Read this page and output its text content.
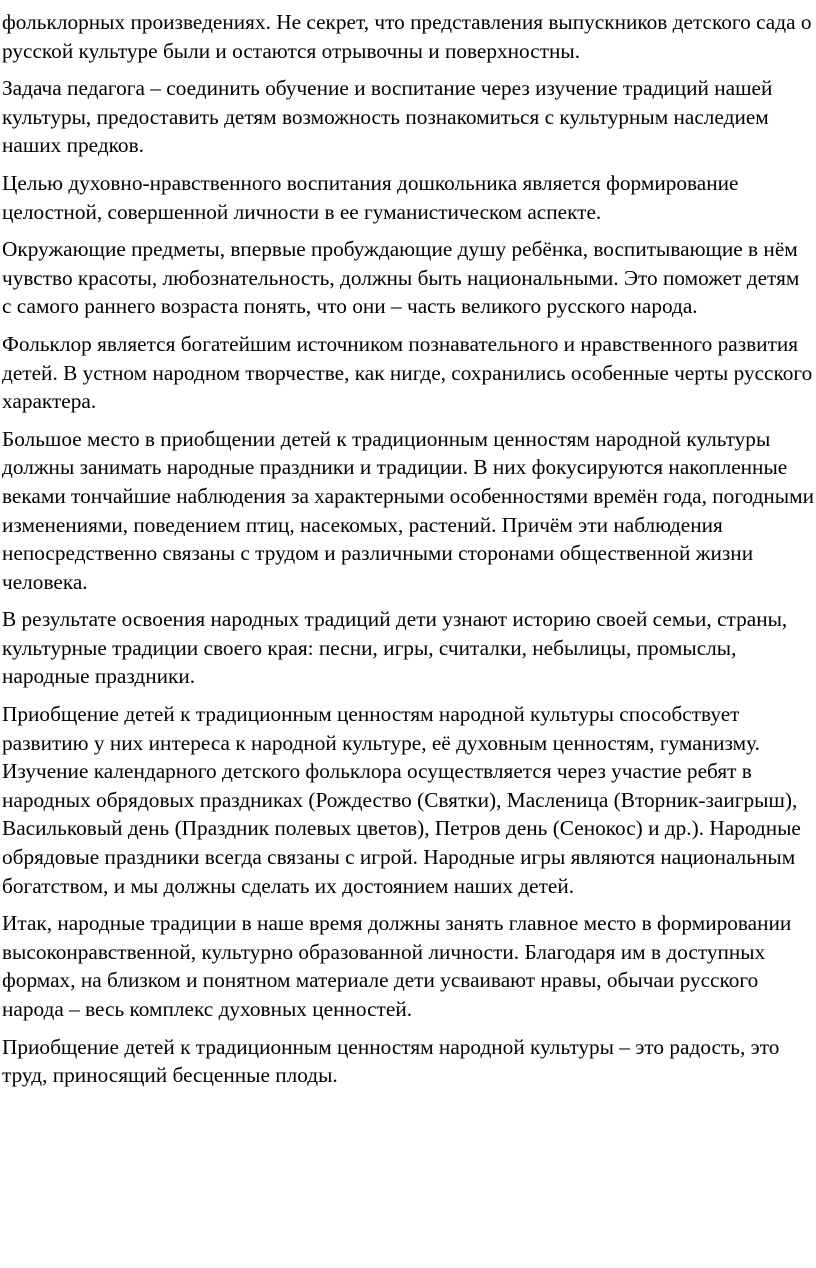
фольклорных произведениях. Не секрет, что представления выпускников детского сада о русской культуре были и остаются отрывочны и поверхностны.

Задача педагога – соединить обучение и воспитание через изучение традиций нашей культуры, предоставить детям возможность познакомиться с культурным наследием наших предков.

Целью духовно-нравственного воспитания дошкольника является формирование целостной, совершенной личности в ее гуманистическом аспекте.

Окружающие предметы, впервые пробуждающие душу ребёнка, воспитывающие в нём чувство красоты, любознательность, должны быть национальными. Это поможет детям с самого раннего возраста понять, что они – часть великого русского народа.

Фольклор является богатейшим источником познавательного и нравственного развития детей. В устном народном творчестве, как нигде, сохранились особенные черты русского характера.

Большое место в приобщении детей к традиционным ценностям народной культуры должны занимать народные праздники и традиции. В них фокусируются накопленные веками тончайшие наблюдения за характерными особенностями времён года, погодными изменениями, поведением птиц, насекомых, растений. Причём эти наблюдения непосредственно связаны с трудом и различными сторонами общественной жизни человека.

В результате освоения народных традиций дети узнают историю своей семьи, страны, культурные традиции своего края: песни, игры, считалки, небылицы, промыслы, народные праздники.

Приобщение детей к традиционным ценностям народной культуры способствует развитию у них интереса к народной культуре, её духовным ценностям, гуманизму. Изучение календарного детского фольклора осуществляется через участие ребят в народных обрядовых праздниках (Рождество (Святки), Масленица (Вторник-заигрыш), Васильковый день (Праздник полевых цветов), Петров день (Сенокос) и др.). Народные обрядовые праздники всегда связаны с игрой. Народные игры являются национальным богатством, и мы должны сделать их достоянием наших детей.

Итак, народные традиции в наше время должны занять главное место в формировании высоконравственной, культурно образованной личности. Благодаря им в доступных формах, на близком и понятном материале дети усваивают нравы, обычаи русского народа – весь комплекс духовных ценностей.

Приобщение детей к традиционным ценностям народной культуры – это радость, это труд, приносящий бесценные плоды.
